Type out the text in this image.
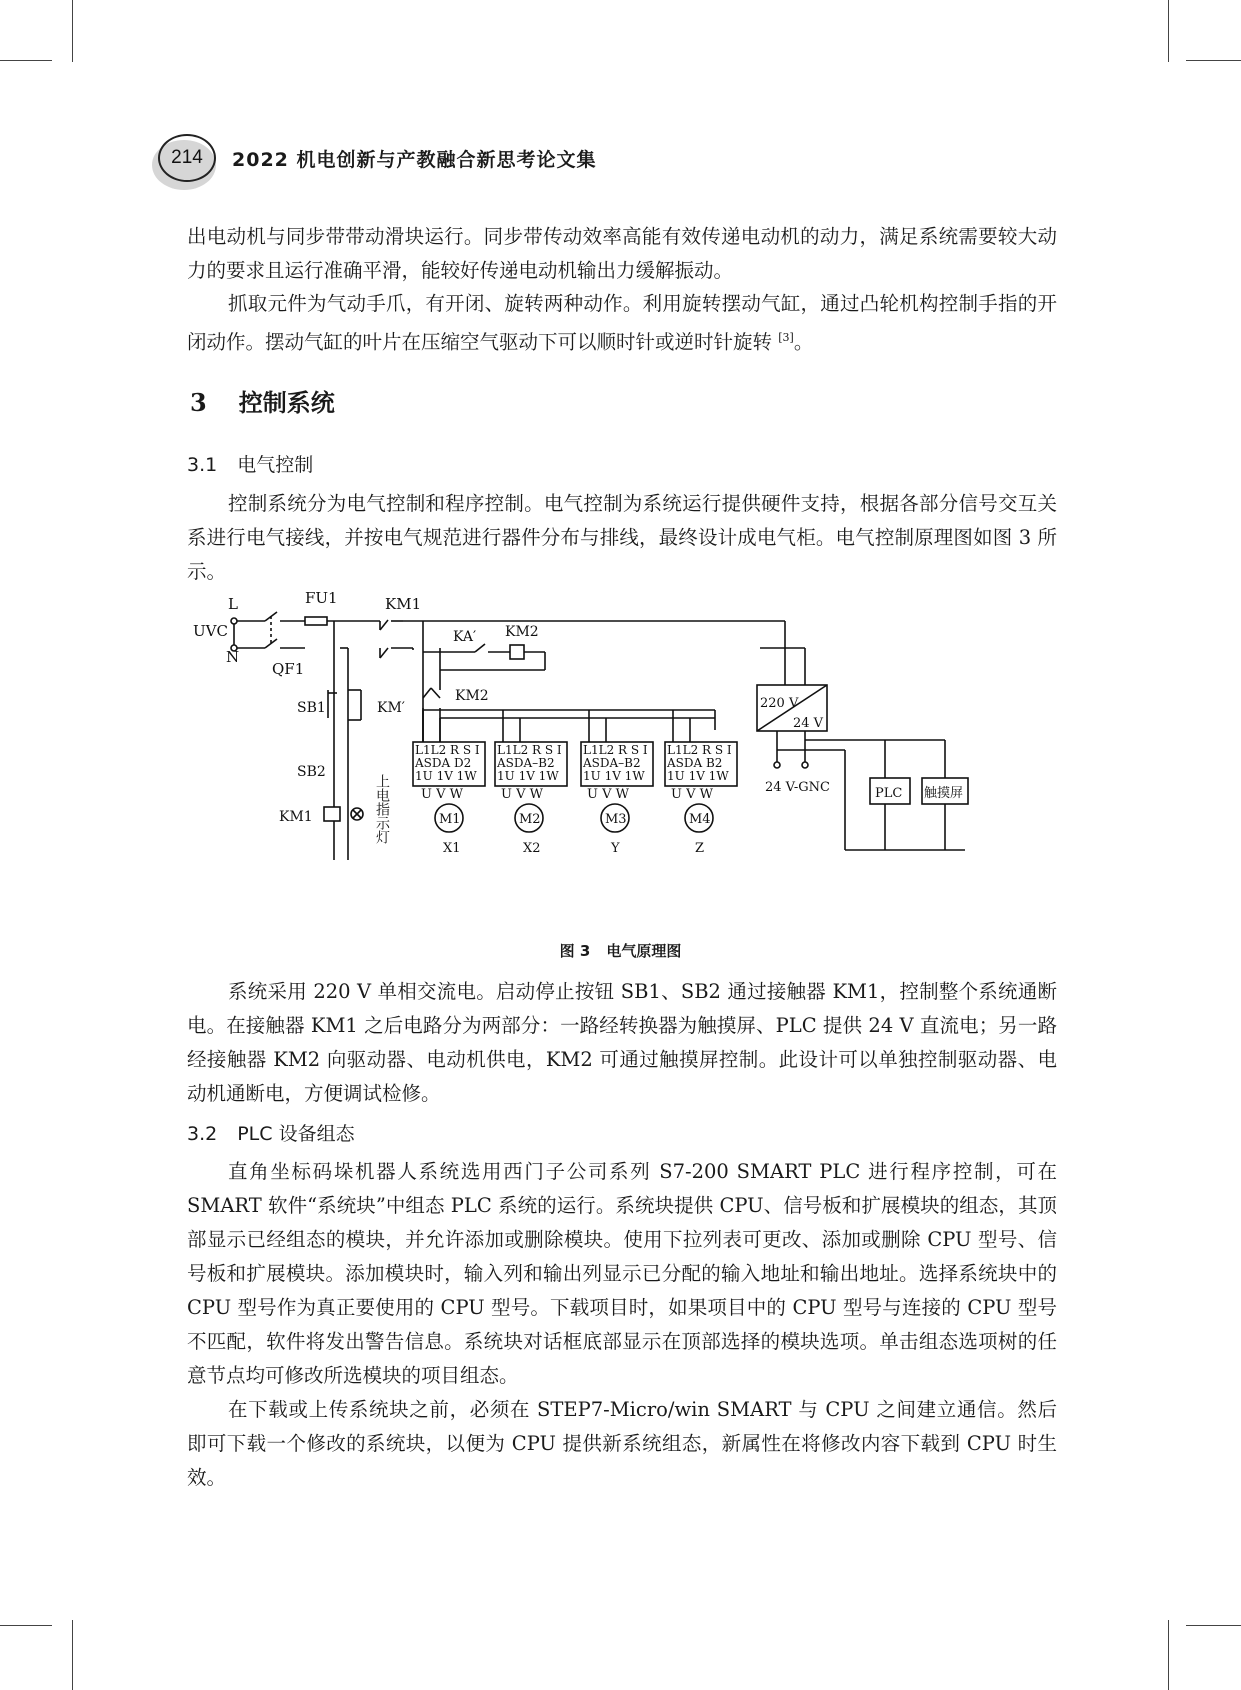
214	2022 机电创新与产教融合新思考论文集

出电动机与同步带带动滑块运行。同步带传动效率高能有效传递电动机的动力，满足系统需要较大动力的要求且运行准确平滑，能较好传递电动机输出力缓解振动。

抓取元件为气动手爪，有开闭、旋转两种动作。利用旋转摆动气缸，通过凸轮机构控制手指的开闭动作。摆动气缸的叶片在压缩空气驱动下可以顺时针或逆时针旋转 [3]。

3 控制系统
3.1 电气控制

控制系统分为电气控制和程序控制。电气控制为系统运行提供硬件支持，根据各部分信号交互关系进行电气接线，并按电气规范进行器件分布与排线，最终设计成电气柜。电气控制原理图如图 3 所示。

L
UVC
N
QF1
FU1	KM1
SB1
SB2
KM′
KM1	上电指示灯
KA′ KM2
KM2
L1L2 R S I
ASDA D2
1U 1V 1W
U V W
M1
X1
L1L2 R S I
ASDA–B2
1U 1V 1W
U V W
M2
X2
L1L2 R S I
ASDA–B2
1U 1V 1W
U V W
M3
Y
L1L2 R S I
ASDA B2
1U 1V 1W
U V W
M4
Z
220 V
24 V
24 V-GNC	PLC 触摸屏
图 3 电气原理图

系统采用 220 V 单相交流电。启动停止按钮 SB1、SB2 通过接触器 KM1，控制整个系统通断电。在接触器 KM1 之后电路分为两部分：一路经转换器为触摸屏、PLC 提供 24 V 直流电；另一路经接触器 KM2 向驱动器、电动机供电，KM2 可通过触摸屏控制。此设计可以单独控制驱动器、电动机通断电，方便调试检修。

3.2 PLC 设备组态

直角坐标码垛机器人系统选用西门子公司系列 S7-200 SMART PLC 进行程序控制，可在 SMART 软件“系统块”中组态 PLC 系统的运行。系统块提供 CPU、信号板和扩展模块的组态，其顶部显示已经组态的模块，并允许添加或删除模块。使用下拉列表可更改、添加或删除 CPU 型号、信号板和扩展模块。添加模块时，输入列和输出列显示已分配的输入地址和输出地址。选择系统块中的 CPU 型号作为真正要使用的 CPU 型号。下载项目时，如果项目中的 CPU 型号与连接的 CPU 型号不匹配，软件将发出警告信息。系统块对话框底部显示在顶部选择的模块选项。单击组态选项树的任意节点均可修改所选模块的项目组态。

在下载或上传系统块之前，必须在 STEP7-Micro/win SMART 与 CPU 之间建立通信。然后即可下载一个修改的系统块，以便为 CPU 提供新系统组态，新属性在将修改内容下载到 CPU 时生效。
